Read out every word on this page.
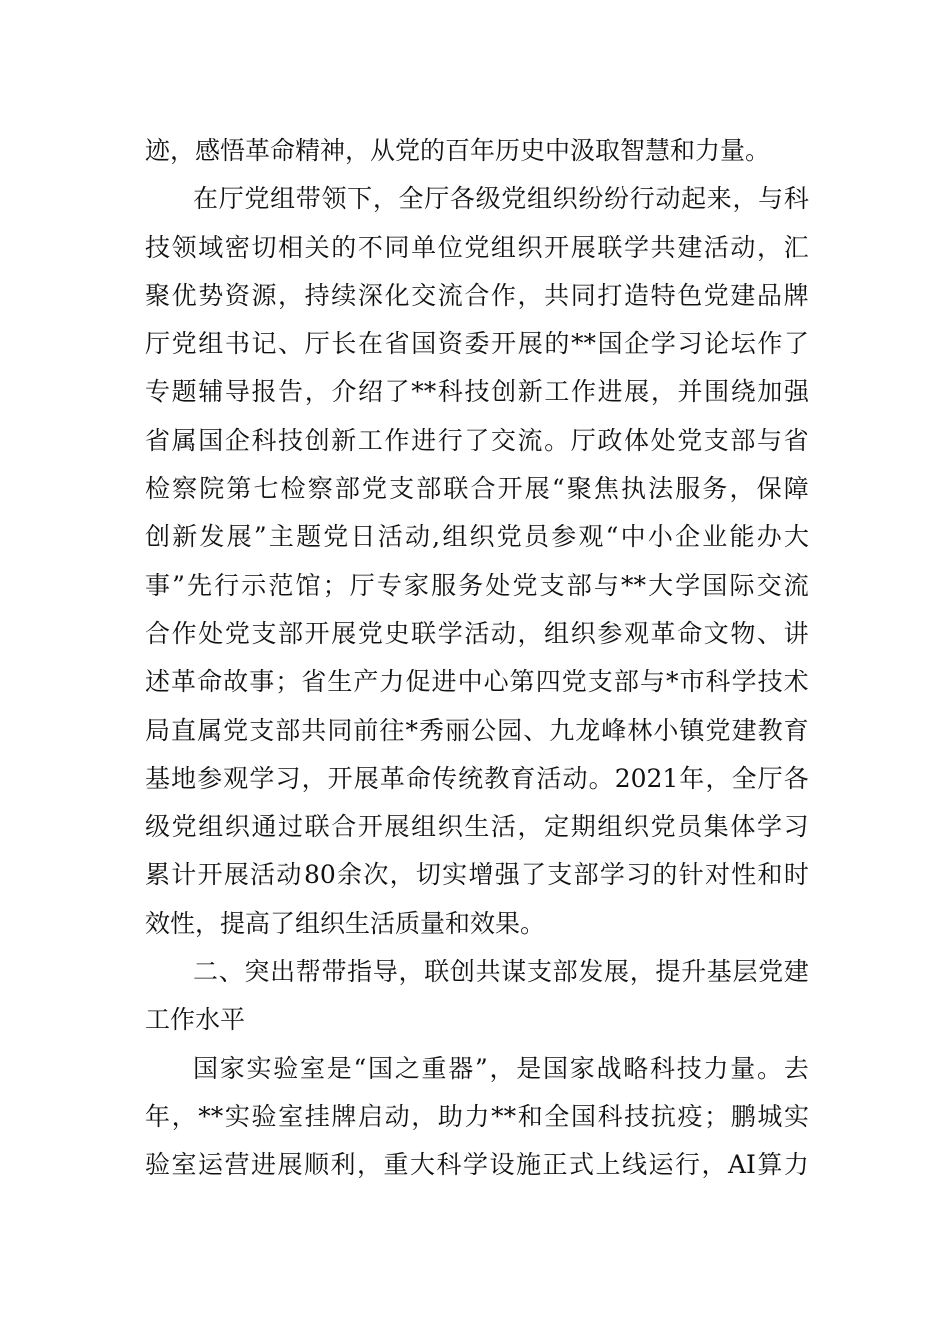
迹，感悟革命精神，从党的百年历史中汲取智慧和力量。
在 厅 党 组 带 领 下 ， 全 厅 各 级 党 组 织 纷 纷 行 动 起 来 ， 与 科
技 领 域 密 切 相 关 的 不 同 单 位 党 组 织 开 展 联 学 共 建 活 动 ， 汇
聚 优 势 资 源 ， 持 续 深 化 交 流 合 作 ， 共 同 打 造 特 色 党 建 品 牌
厅 党 组 书 记 、 厅 长 在 省 国 资 委 开 展 的 ** 国 企 学 习 论 坛 作 了
专 题 辅 导 报 告 ， 介 绍 了 ** 科 技 创 新 工 作 进 展 ， 并 围 绕 加 强
省 属 国 企 科 技 创 新 工 作 进 行 了 交 流 。 厅 政 体 处 党 支 部 与 省
检 察 院 第 七 检 察 部 党 支 部 联 合 开 展 “ 聚 焦 执 法 服 务 ， 保 障
创 新 发 展 ” 主 题 党 日 活 动 , 组 织 党 员 参 观 “ 中 小 企 业 能 办 大
事 ” 先 行 示 范 馆 ； 厅 专 家 服 务 处 党 支 部 与 ** 大 学 国 际 交 流
合 作 处 党 支 部 开 展 党 史 联 学 活 动 ， 组 织 参 观 革 命 文 物 、 讲
述 革 命 故 事 ； 省 生 产 力 促 进 中 心 第 四 党 支 部 与 * 市 科 学 技 术
局 直 属 党 支 部 共 同 前 往 * 秀 丽 公 园 、 九 龙 峰 林 小 镇 党 建 教 育
基 地 参 观 学 习 ， 开 展 革 命 传 统 教 育 活 动 。 2021 年 ， 全 厅 各
级 党 组 织 通 过 联 合 开 展 组 织 生 活 ， 定 期 组 织 党 员 集 体 学 习
累 计 开 展 活 动 80 余 次 ， 切 实 增 强 了 支 部 学 习 的 针 对 性 和 时
效性，提高了组织生活质量和效果。
二 、 突 出 帮 带 指 导 ， 联 创 共 谋 支 部 发 展 ， 提 升 基 层 党 建
工作水平
国 家 实 验 室 是 “ 国 之 重 器 ” ， 是 国 家 战 略 科 技 力 量 。 去
年 ， ** 实 验 室 挂 牌 启 动 ， 助 力 ** 和 全 国 科 技 抗 疫 ； 鹏 城 实
验 室 运 营 进 展 顺 利 ， 重 大 科 学 设 施 正 式 上 线 运 行 ， AI 算 力
